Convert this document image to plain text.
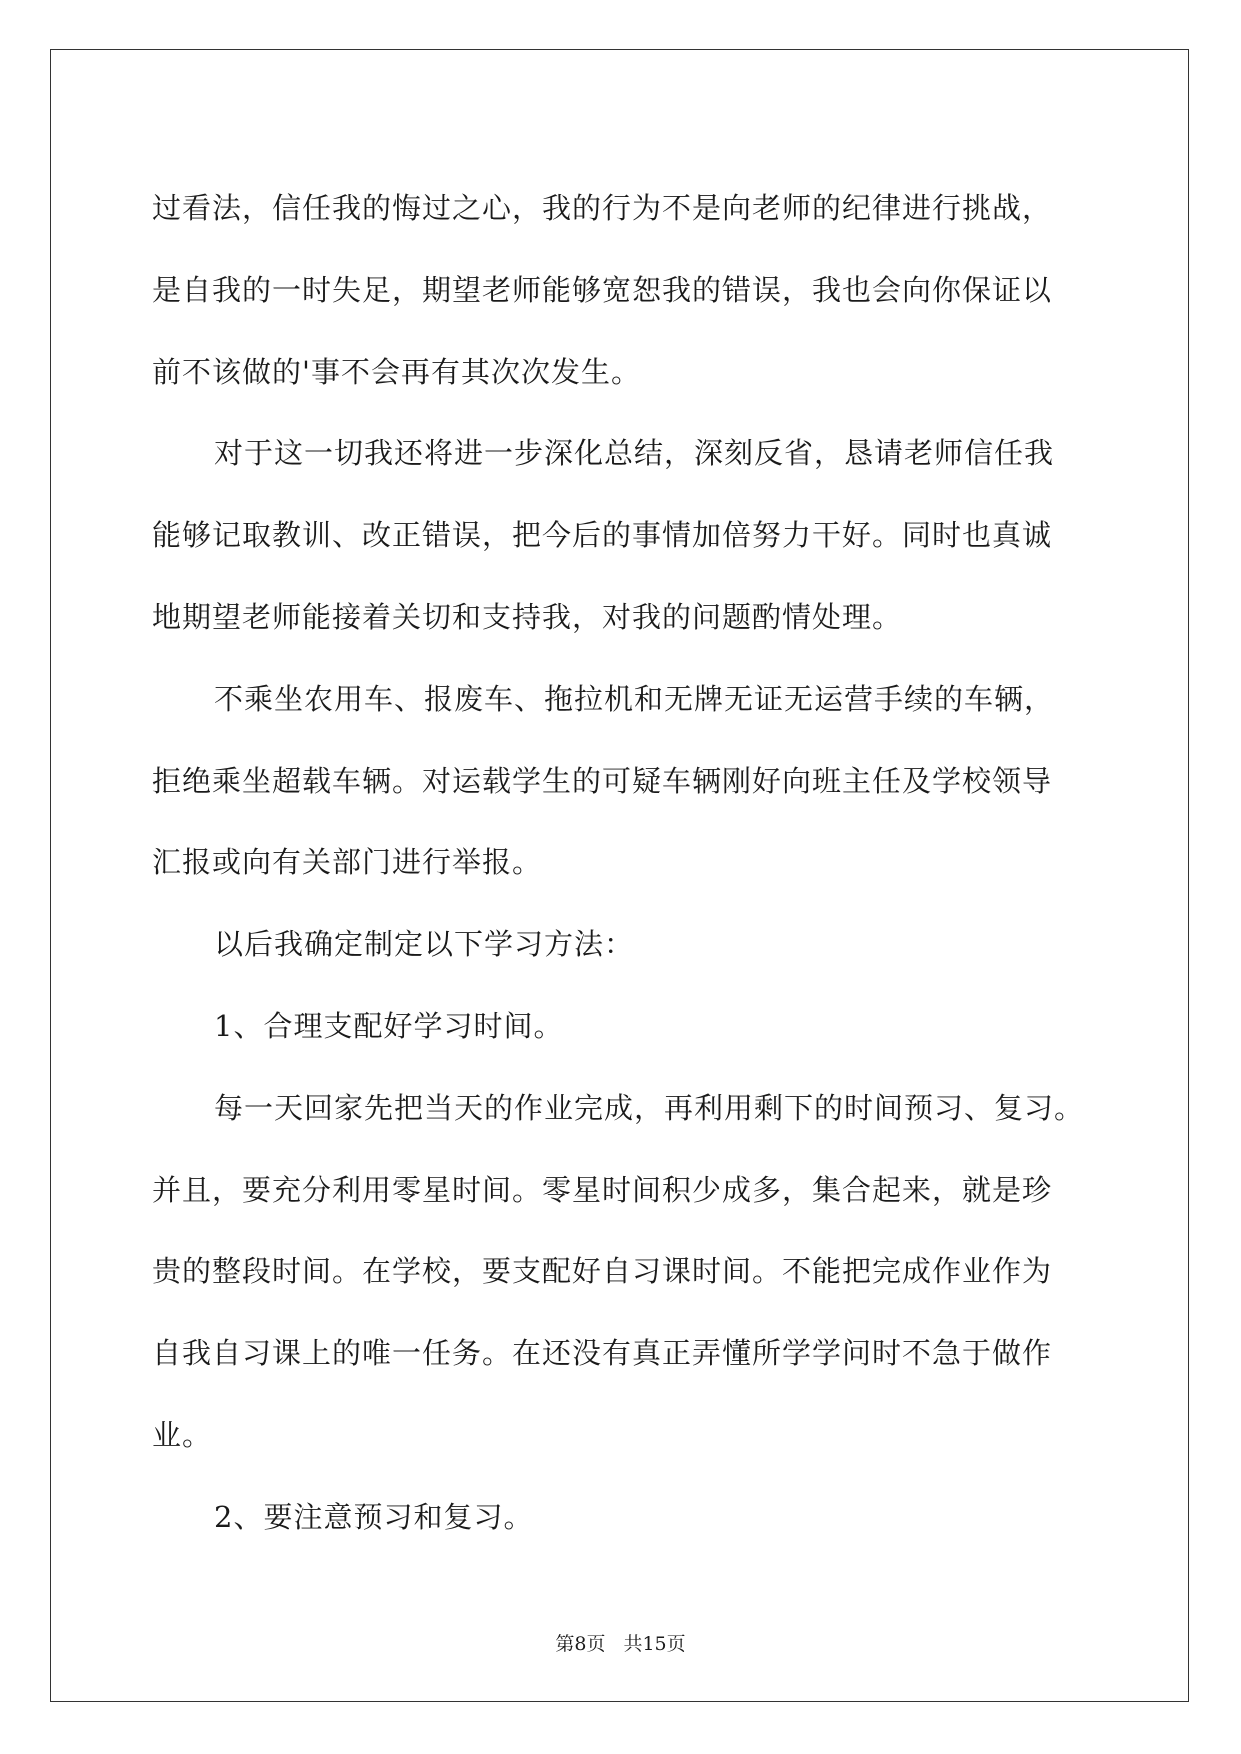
过看法，信任我的悔过之心，我的行为不是向老师的纪律进行挑战，
是自我的一时失足，期望老师能够宽恕我的错误，我也会向你保证以
前不该做的'事不会再有其次次发生。
对于这一切我还将进一步深化总结，深刻反省，恳请老师信任我
能够记取教训、改正错误，把今后的事情加倍努力干好。同时也真诚
地期望老师能接着关切和支持我，对我的问题酌情处理。
不乘坐农用车、报废车、拖拉机和无牌无证无运营手续的车辆，
拒绝乘坐超载车辆。对运载学生的可疑车辆刚好向班主任及学校领导
汇报或向有关部门进行举报。
以后我确定制定以下学习方法：
1、合理支配好学习时间。
每一天回家先把当天的作业完成，再利用剩下的时间预习、复习。
并且，要充分利用零星时间。零星时间积少成多，集合起来，就是珍
贵的整段时间。在学校，要支配好自习课时间。不能把完成作业作为
自我自习课上的唯一任务。在还没有真正弄懂所学学问时不急于做作
业。
2、要注意预习和复习。
第8页 共15页
